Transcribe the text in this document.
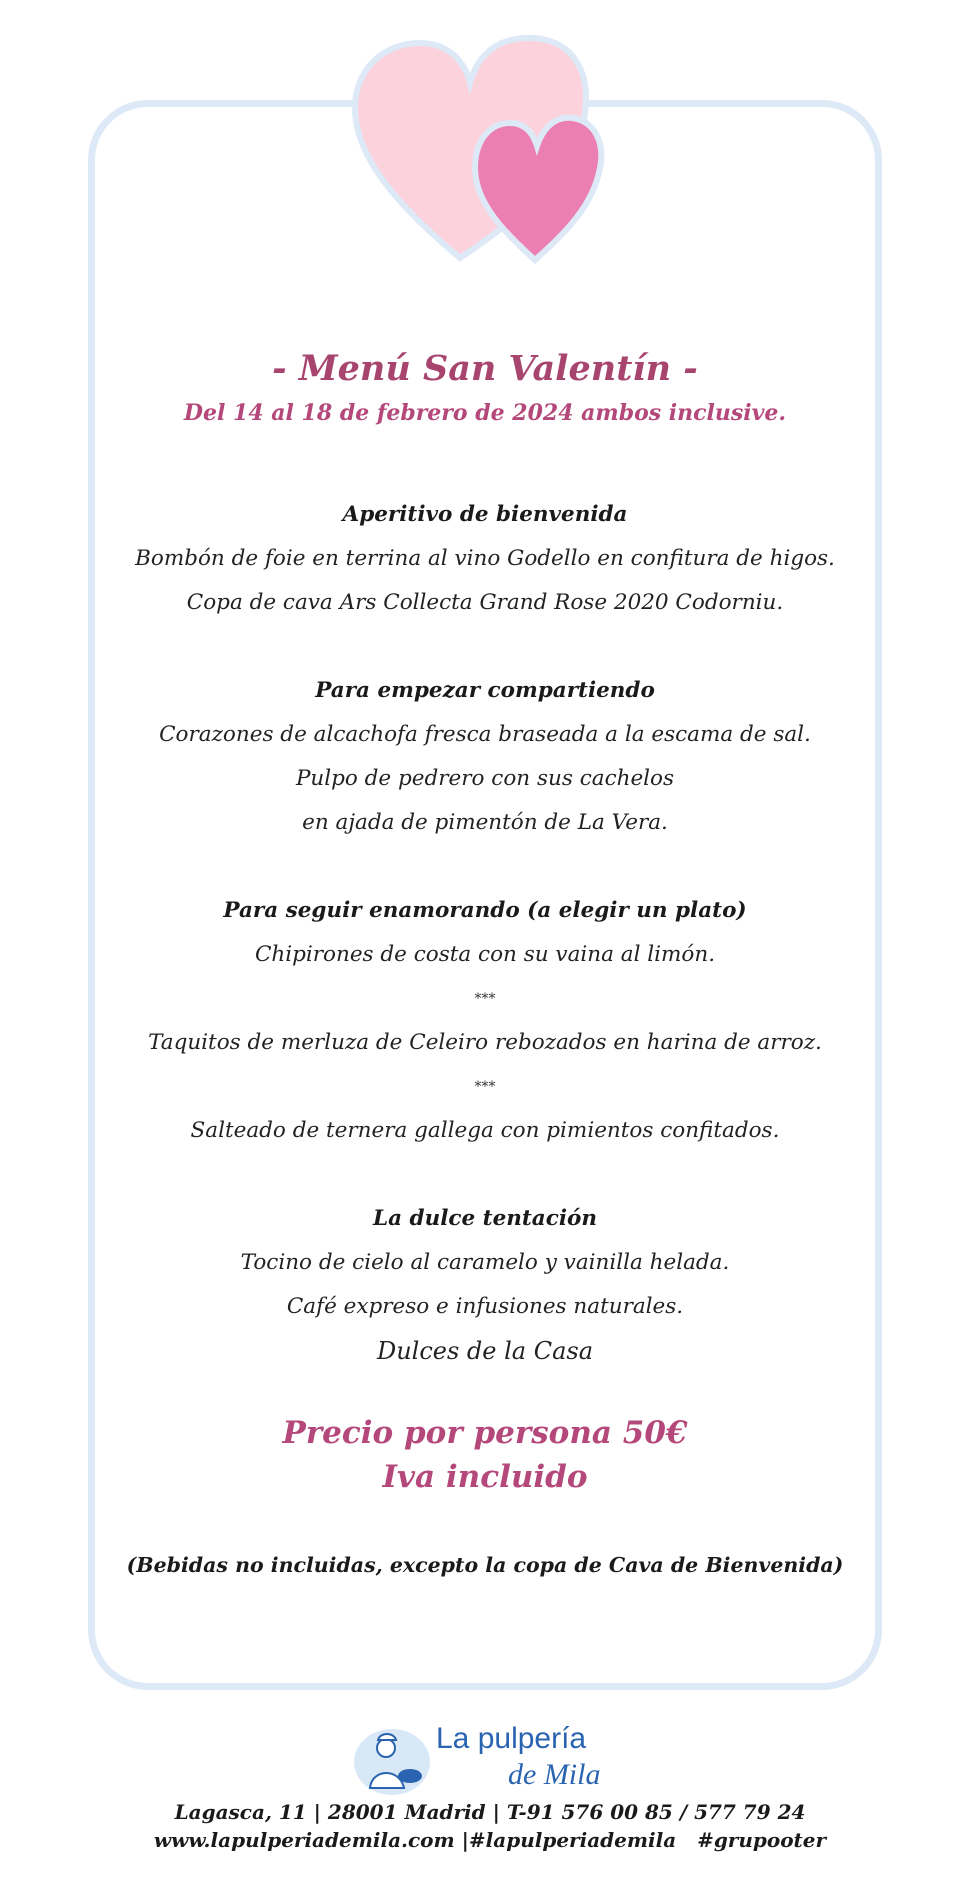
- Menú San Valentín -
Del 14 al 18 de febrero de 2024 ambos inclusive.
Aperitivo de bienvenida
Bombón de foie en terrina al vino Godello en confitura de higos.
Copa de cava Ars Collecta Grand Rose 2020 Codorniu.
Para empezar compartiendo
Corazones de alcachofa fresca braseada a la escama de sal.
Pulpo de pedrero con sus cachelos
en ajada de pimentón de La Vera.
Para seguir enamorando (a elegir un plato)
Chipirones de costa con su vaina al limón.
***
Taquitos de merluza de Celeiro rebozados en harina de arroz.
***
Salteado de ternera gallega con pimientos confitados.
La dulce tentación
Tocino de cielo al caramelo y vainilla helada.
Café expreso e infusiones naturales.
Dulces de la Casa
Precio por persona 50€
Iva incluido
(Bebidas no incluidas, excepto la copa de Cava de Bienvenida)
La pulpería
de Mila
Lagasca, 11 | 28001 Madrid | T-91 576 00 85 / 577 79 24
www.lapulperiademila.com |#lapulperiademila   #grupooter
